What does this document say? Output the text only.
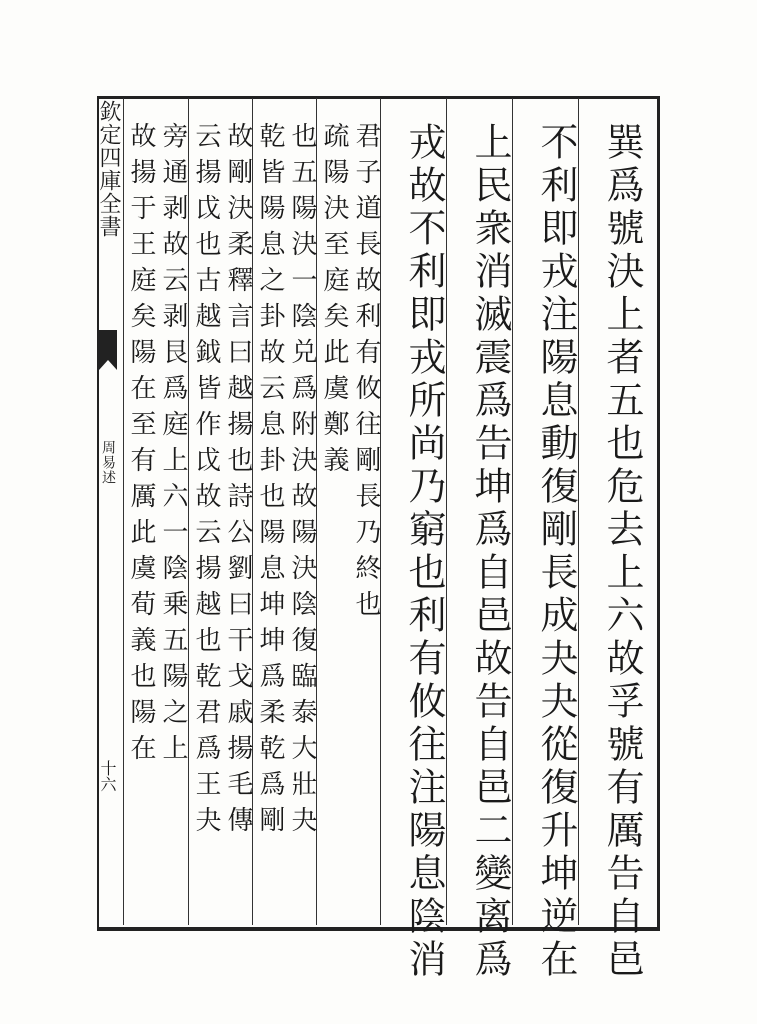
欽定四庫全書
周易述
十六	巽爲號決上者五也危去上六故孚號有厲告自邑
不利即戎注陽息動復剛長成夬夬從復升坤逆在
上民衆消滅震爲告坤爲自邑故告自邑二變离爲
戎故不利即戎所尚乃窮也利有攸往注陽息陰消
君子道長故利有攸往剛長乃終也
疏陽決至庭矣此虞鄭義
也五陽決一陰兑爲附決故陽決陰復臨泰大壯夬
乾皆陽息之卦故云息卦也陽息坤坤爲柔乾爲剛
故剛決柔釋言曰越揚也詩公劉曰干戈戚揚毛傳
云揚戉也古越鉞皆作戉故云揚越也乾君爲王夬
旁通剥故云剥艮爲庭上六一陰乗五陽之上
故揚于王庭矣陽在至有厲此虞荀義也陽在
